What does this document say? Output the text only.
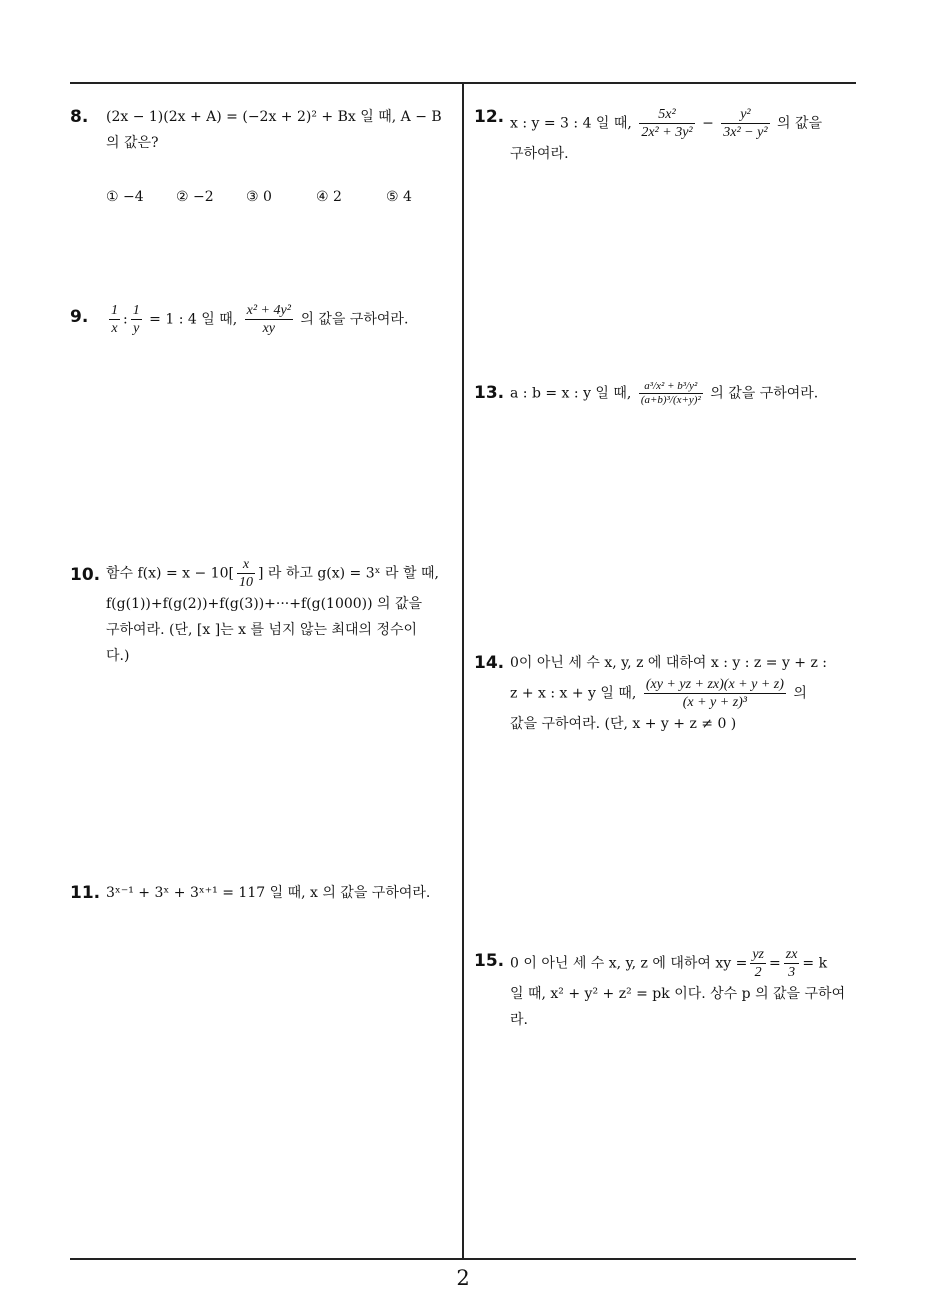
8. (2x − 1)(2x + A) = (−2x + 2)² + Bx 일 때, A − B
의 값은?
① −4	② −2	③ 0	④ 2	⑤ 4
9. $\frac{1}{x}$ : $\frac{1}{y} = 1$ : 4 일 때, $\frac{\text{x² + 4y²}}{xy}$ 의 값을 구하여라.
10. 함수 $f(x) = x - 10[ \frac{x}{10}$ ] 라 하고 g(x) = 3ˣ 라 할 때,
f(g(1))+f(g(2))+f(g(3))+···+f(g(1000)) 의 값을
구하여라. (단, [x ]는 x 를 넘지 않는 최대의 정수이
다.)
11. 3ˣ⁻¹ + 3ˣ + 3ˣ⁺¹ = 117 일 때, x 의 값을 구하여라.
12. x : y = 3 : 4 일 때, $\frac{\text{5x²}}{\text{2x² + 3y²}} - \frac{\text{y²}}{\text{3x² − y²}}$ 의 값을
구하여라.
13. a : b = x : y 일 때, $\frac{\text{a³/x² + b³/y²}}{\text{(a+b)³/(x+y)²}}$ 의 값을 구하여라.
14. 0이 아닌 세 수 x, y, z 에 대하여 x : y : z = y + z :
z + x : x + y 일 때, $\frac{(xy + yz + zx)(x + y + z)}{\text{(x + y + z)³}}$ 의
값을 구하여라. (단, x + y + z ≠ 0 )
15. 0 이 아닌 세 수 x, y, z 에 대하여 xy = $\frac{yz}{2} = \frac{zx}{3} = k$
일 때, x² + y² + z² = pk 이다. 상수 p 의 값을 구하여
라.
2
